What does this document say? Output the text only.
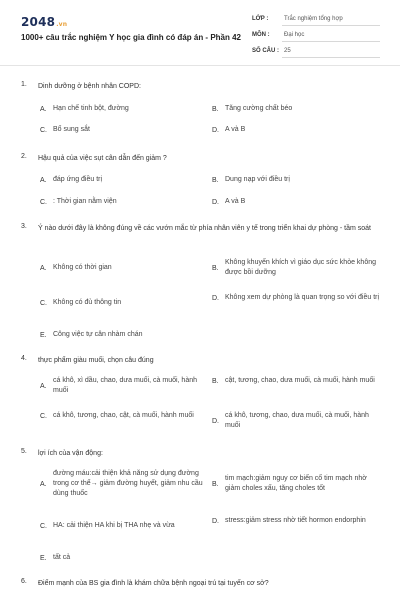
2048.vn
1000+ câu trắc nghiệm Y học gia đình có đáp án - Phần 42
LỚP :	Trắc nghiệm tổng hợp
MÔN :	Đại học
SỐ CÂU : 25
1.	Dinh dưỡng ở bệnh nhân COPD:
A. Hạn chế tinh bột, đường	B. Tăng cường chất béo
C. Bổ sung sắt	D. A và B
2.	Hậu quả của việc sụt cân dẫn đến giảm ?
A. đáp ứng điều trị	B. Dung nạp với điều trị
C. : Thời gian nằm viện	D. A và B
3.	Ý nào dưới đây là không đúng về các vướn mắc từ phía nhân viên y tế trong triển khai dự phòng - tầm soát
A. Không có thời gian	B.
Không khuyến khích vì giáo dục sức khỏe không được bồi dưỡng
C. Không có đủ thông tin
D. Không xem dự phòng là quan trọng so với điều trị
E. Công việc tự cân nhàm chán
4.	thực phẩm giàu muối, chọn câu đúng
A.
cá khô, xì dầu, chao, dưa muối, cà muối, hành muối
B. cật, tương, chao, dưa muối, cà muối, hành muối
C. cá khô, tương, chao, cật, cà muối, hành muối
D.
cá khô, tương, chao, dưa muối, cà muối, hành muối
5.	lợi ích của vận động:
A.
đường máu:cải thiện khả năng sử dụng đường trong cơ thể→ giảm đường huyết, giảm nhu cầu dùng thuốc
B.
tim mạch:giảm nguy cơ biến cố tim mạch nhờ giảm choles xấu, tăng choles tốt
C. HA: cải thiện HA khi bị THA nhẹ và vừa
D. stress:giảm stress nhờ tiết hormon endorphin
E. tất cả
6.	Điểm mạnh của BS gia đình là khám chữa bệnh ngoại trú tại tuyến cơ sở?
